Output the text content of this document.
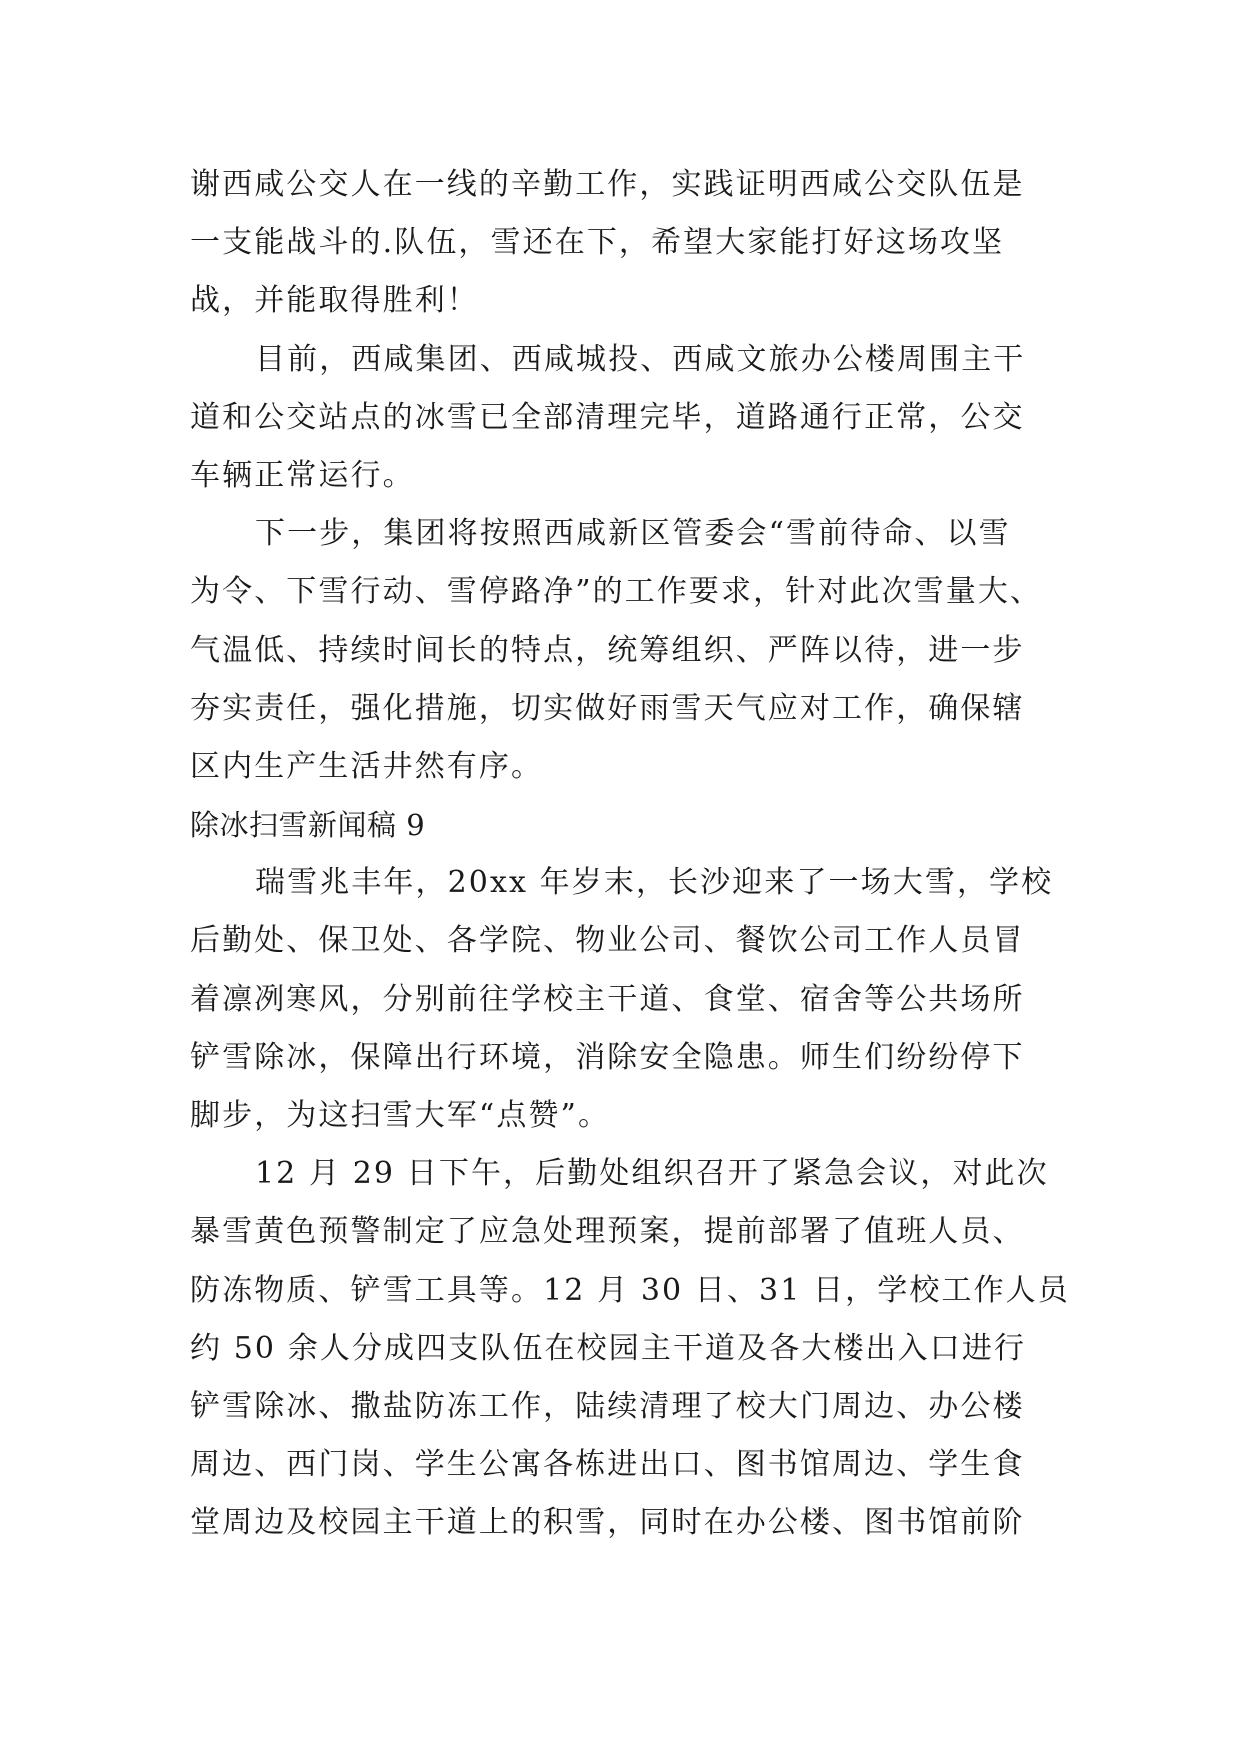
谢西咸公交人在一线的辛勤工作，实践证明西咸公交队伍是
一支能战斗的.队伍，雪还在下，希望大家能打好这场攻坚
战，并能取得胜利！
目前，西咸集团、西咸城投、西咸文旅办公楼周围主干
道和公交站点的冰雪已全部清理完毕，道路通行正常，公交
车辆正常运行。
下一步，集团将按照西咸新区管委会“雪前待命、以雪
为令、下雪行动、雪停路净”的工作要求，针对此次雪量大、
气温低、持续时间长的特点，统筹组织、严阵以待，进一步
夯实责任，强化措施，切实做好雨雪天气应对工作，确保辖
区内生产生活井然有序。
除冰扫雪新闻稿 9
瑞雪兆丰年，20xx 年岁末，长沙迎来了一场大雪，学校
后勤处、保卫处、各学院、物业公司、餐饮公司工作人员冒
着凛冽寒风，分别前往学校主干道、食堂、宿舍等公共场所
铲雪除冰，保障出行环境，消除安全隐患。师生们纷纷停下
脚步，为这扫雪大军“点赞”。
12 月 29 日下午，后勤处组织召开了紧急会议，对此次
暴雪黄色预警制定了应急处理预案，提前部署了值班人员、
防冻物质、铲雪工具等。12 月 30 日、31 日，学校工作人员
约 50 余人分成四支队伍在校园主干道及各大楼出入口进行
铲雪除冰、撒盐防冻工作，陆续清理了校大门周边、办公楼
周边、西门岗、学生公寓各栋进出口、图书馆周边、学生食
堂周边及校园主干道上的积雪，同时在办公楼、图书馆前阶
